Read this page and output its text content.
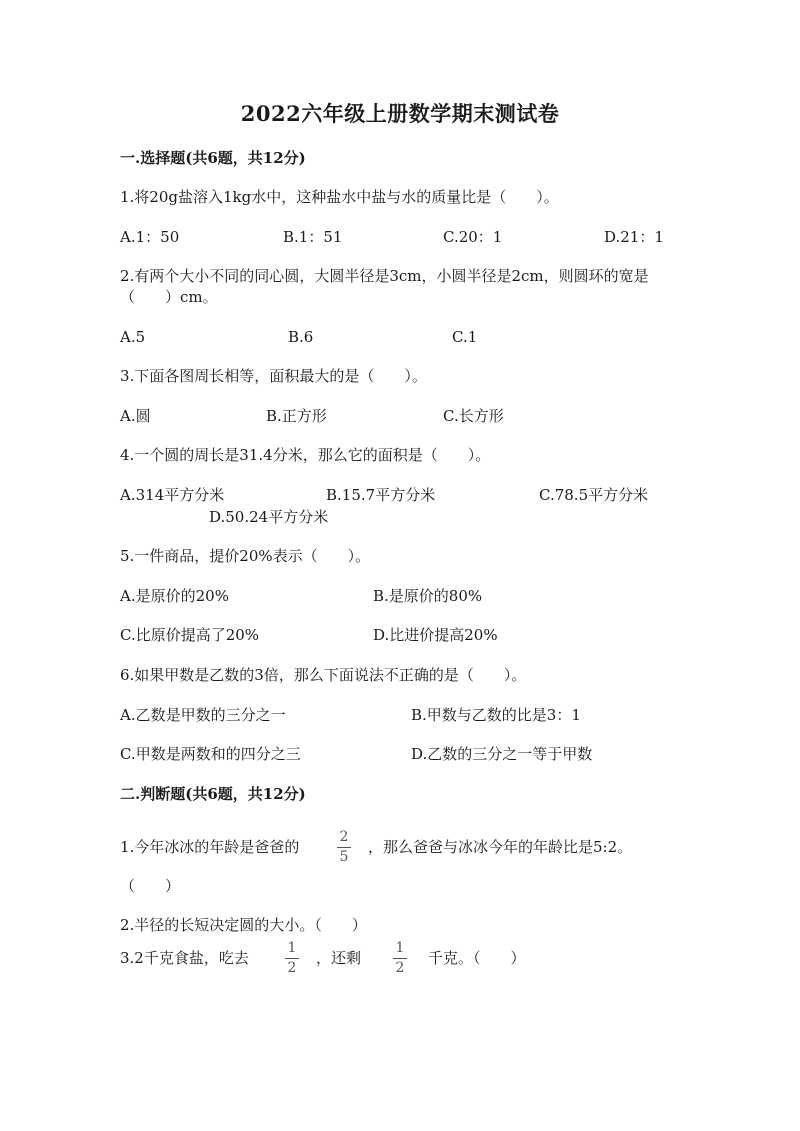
2022六年级上册数学期末测试卷
一.选择题(共6题，共12分)
1.将20g盐溶入1kg水中，这种盐水中盐与水的质量比是（　　）。
A.1：50	B.1：51	C.20：1	D.21：1
2.有两个大小不同的同心圆，大圆半径是3cm，小圆半径是2cm，则圆环的宽是
（　　）cm。
A.5	B.6	C.1
3.下面各图周长相等，面积最大的是（　　）。
A.圆	B.正方形	C.长方形
4.一个圆的周长是31.4分米，那么它的面积是（　　）。
A.314平方分米	B.15.7平方分米	C.78.5平方分米
D.50.24平方分米
5.一件商品，提价20%表示（　　）。
A.是原价的20%	B.是原价的80%
C.比原价提高了20%	D.比进价提高20%
6.如果甲数是乙数的3倍，那么下面说法不正确的是（　　）。
A.乙数是甲数的三分之一	B.甲数与乙数的比是3：1
C.甲数是两数和的四分之三	D.乙数的三分之一等于甲数
二.判断题(共6题，共12分)
1.今年冰冰的年龄是爸爸的
2
5
，那么爸爸与冰冰今年的年龄比是5:2。
（　　）
2.半径的长短决定圆的大小。（　　）
3.2千克食盐，吃去
1
2
，还剩
1
2
千克。（　　）
